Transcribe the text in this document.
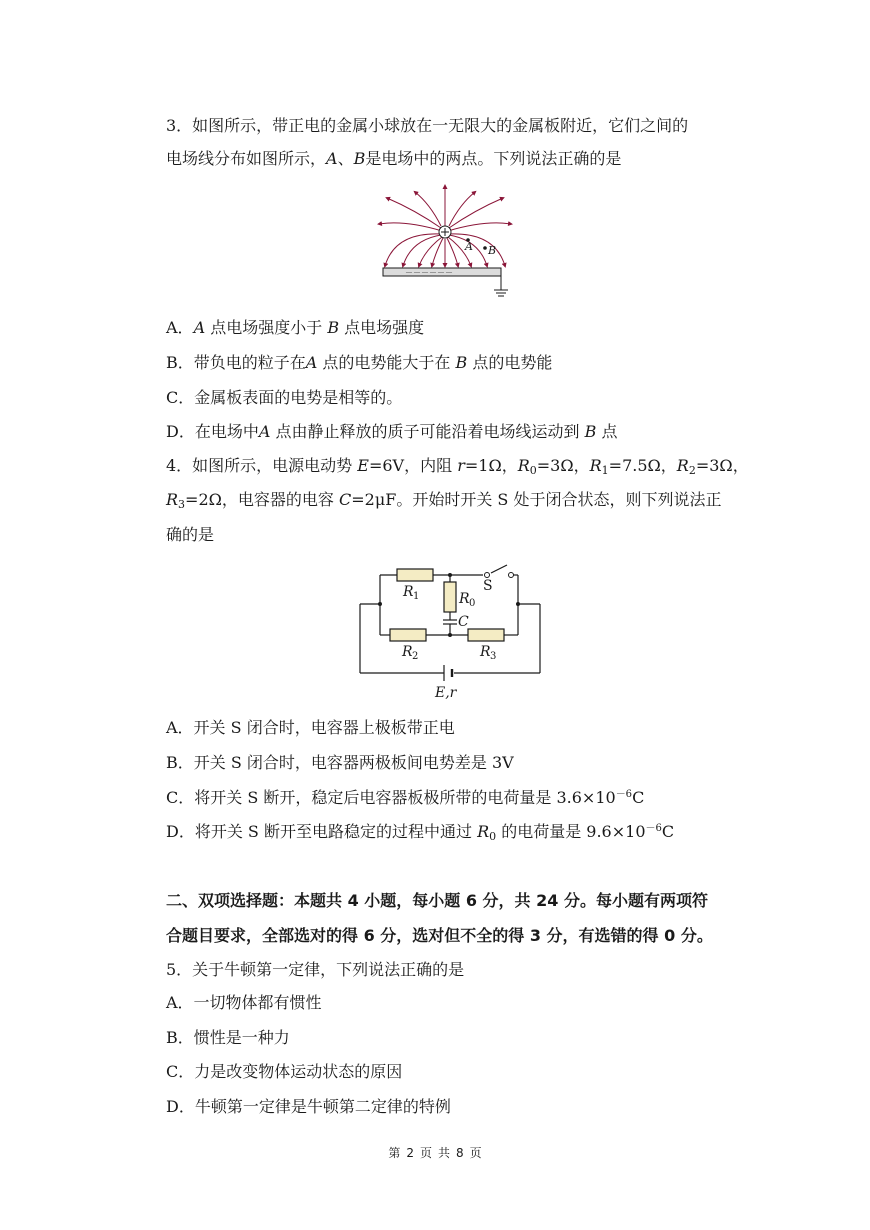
3．如图所示，带正电的金属小球放在一无限大的金属板附近，它们之间的
电场线分布如图所示，A、B是电场中的两点。下列说法正确的是
A B
－－－－－－
A．A 点电场强度小于 B 点电场强度
B．带负电的粒子在A 点的电势能大于在 B 点的电势能
C．金属板表面的电势是相等的。
D．在电场中A 点由静止释放的质子可能沿着电场线运动到 B 点
4．如图所示，电源电动势 E=6V，内阻 r=1Ω，$R_0=3\Omega$，$R_1=7.5\Omega$，$R_2=3\Omega$，
$R_3=2\Omega$，电容器的电容 C=2μF。开始时开关 S 处于闭合状态，则下列说法正
确的是
R 1	R 0
C
S
R 2	R 3
E,r
A．开关 S 闭合时，电容器上极板带正电
B．开关 S 闭合时，电容器两极板间电势差是 3V
C．将开关 S 断开，稳定后电容器板极所带的电荷量是 $3.6\times 10^{-6}C$
D．将开关 S 断开至电路稳定的过程中通过 $R_0$ 的电荷量是 $9.6\times 10^{-6}C$
二、双项选择题：本题共 4 小题，每小题 6 分，共 24 分。每小题有两项符
合题目要求，全部选对的得 6 分，选对但不全的得 3 分，有选错的得 0 分。
5．关于牛顿第一定律，下列说法正确的是
A．一切物体都有惯性
B．惯性是一种力
C．力是改变物体运动状态的原因
D．牛顿第一定律是牛顿第二定律的特例
第 2 页 共 8 页
